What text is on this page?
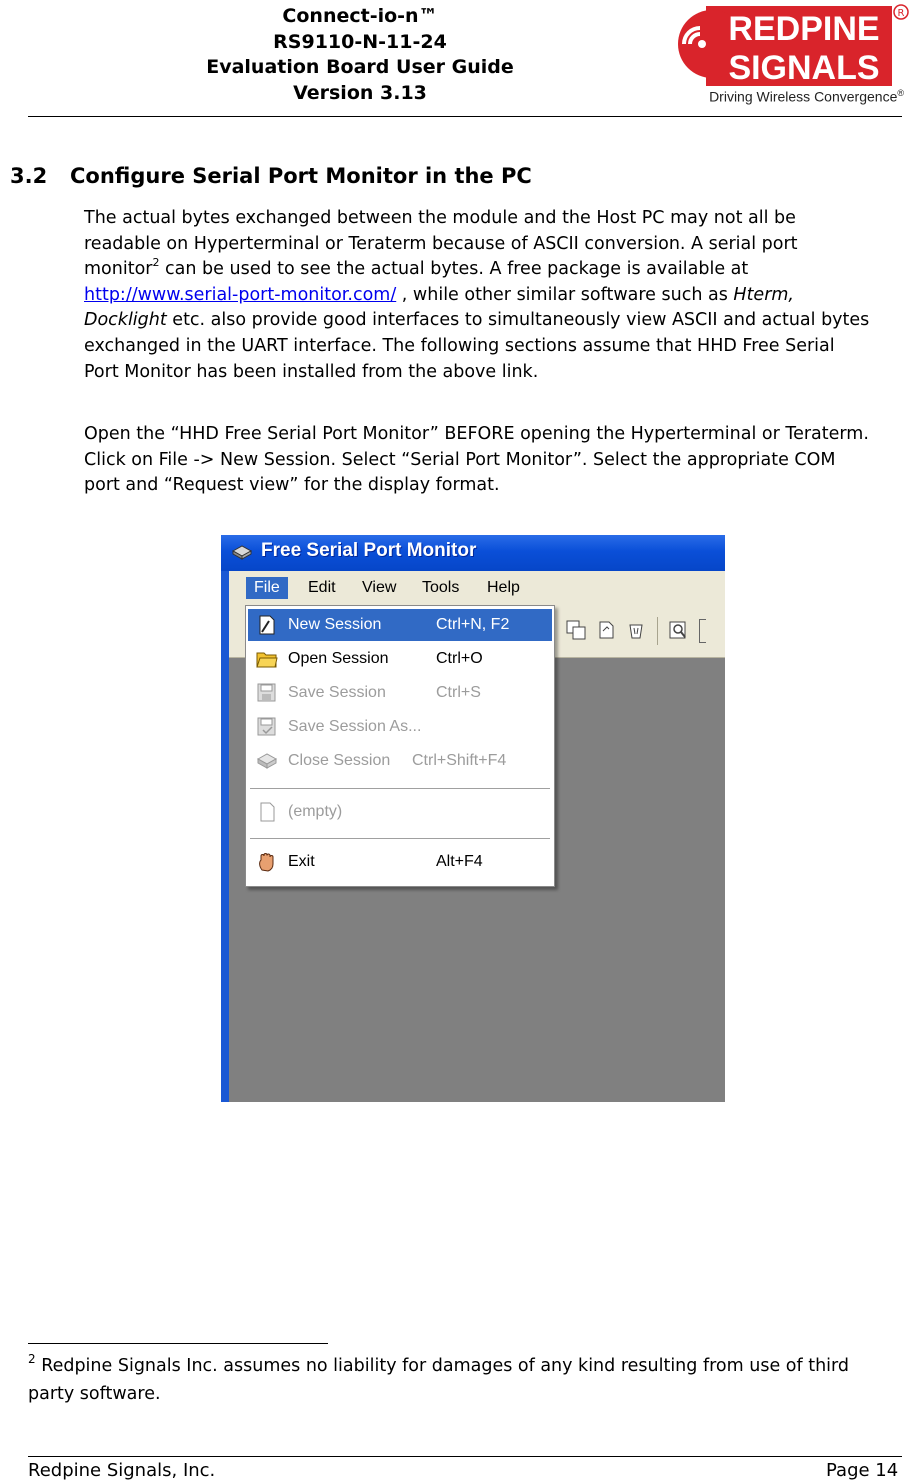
Connect-io-n™
RS9110-N-11-24
Evaluation Board User Guide
Version 3.13
REDPINE
SIGNALS
R
Driving Wireless Convergence®
3.2 Configure Serial Port Monitor in the PC

The actual bytes exchanged between the module and the Host PC may not all be readable on Hyperterminal or Teraterm because of ASCII conversion. A serial port monitor$^2$ can be used to see the actual bytes. A free package is available at http://www.serial-port-monitor.com/ , while other similar software such as Hterm, Docklight etc. also provide good interfaces to simultaneously view ASCII and actual bytes exchanged in the UART interface. The following sections assume that HHD Free Serial Port Monitor has been installed from the above link.

Open the “HHD Free Serial Port Monitor” BEFORE opening the Hyperterminal or Teraterm. Click on File -> New Session. Select “Serial Port Monitor”. Select the appropriate COM port and “Request view” for the display format.

Free Serial Port Monitor
File	Edit	View	Tools	Help
New Session	Ctrl+N, F2
Open Session	Ctrl+O
Save Session	Ctrl+S
Save Session As...
Close Session Ctrl+Shift+F4
(empty)
Exit	Alt+F4

$^2$ Redpine Signals Inc. assumes no liability for damages of any kind resulting from use of third party software.

Redpine Signals, Inc.	Page 14
